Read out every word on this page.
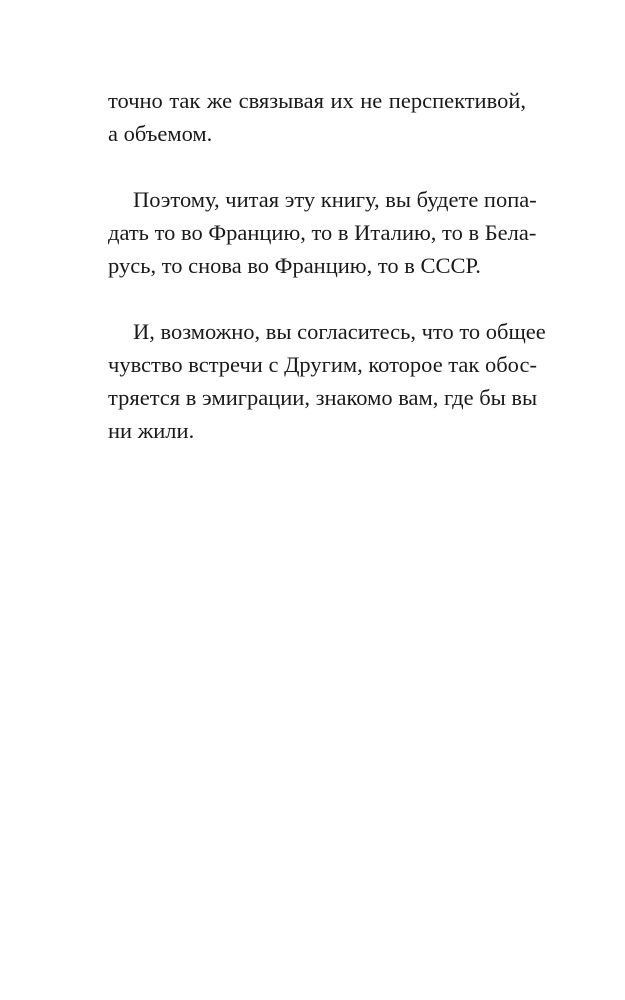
точно так же связывая их не перспективой,
а объемом.

Поэтому, читая эту книгу, вы будете попа-
дать то во Францию, то в Италию, то в Бела-
русь, то снова во Францию, то в СССР.

И, возможно, вы согласитесь, что то общее
чувство встречи с Другим, которое так обос-
тряется в эмиграции, знакомо вам, где бы вы
ни жили.
